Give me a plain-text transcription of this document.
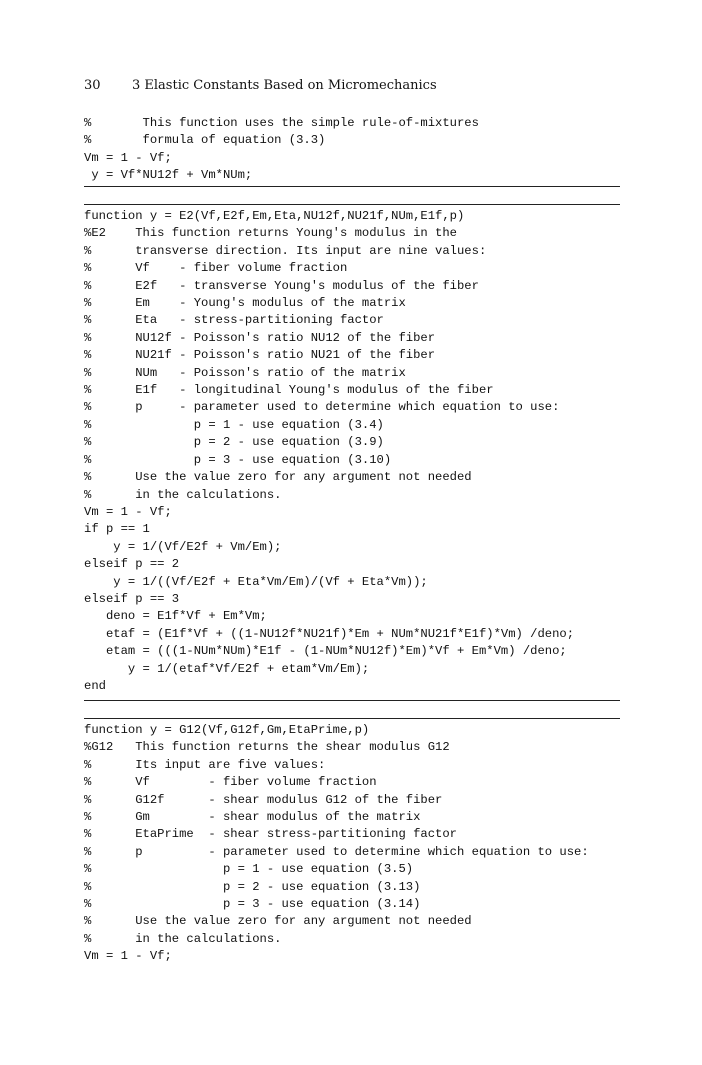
30 3 Elastic Constants Based on Micromechanics
%       This function uses the simple rule-of-mixtures
%       formula of equation (3.3)
Vm = 1 - Vf;
y = Vf*NU12f + Vm*NUm;
function y = E2(Vf,E2f,Em,Eta,NU12f,NU21f,NUm,E1f,p)
%E2    This function returns Young's modulus in the
%      transverse direction. Its input are nine values:
%      Vf    - fiber volume fraction
%      E2f   - transverse Young's modulus of the fiber
%      Em    - Young's modulus of the matrix
%      Eta   - stress-partitioning factor
%      NU12f - Poisson's ratio NU12 of the fiber
%      NU21f - Poisson's ratio NU21 of the fiber
%      NUm   - Poisson's ratio of the matrix
%      E1f   - longitudinal Young's modulus of the fiber
%      p     - parameter used to determine which equation to use:
%              p = 1 - use equation (3.4)
%              p = 2 - use equation (3.9)
%              p = 3 - use equation (3.10)
%      Use the value zero for any argument not needed
%      in the calculations.
Vm = 1 - Vf;
if p == 1
y = 1/(Vf/E2f + Vm/Em);
elseif p == 2
y = 1/((Vf/E2f + Eta*Vm/Em)/(Vf + Eta*Vm));
elseif p == 3
deno = E1f*Vf + Em*Vm;
etaf = (E1f*Vf + ((1-NU12f*NU21f)*Em + NUm*NU21f*E1f)*Vm) /deno;
etam = (((1-NUm*NUm)*E1f - (1-NUm*NU12f)*Em)*Vf + Em*Vm) /deno;
y = 1/(etaf*Vf/E2f + etam*Vm/Em);
end
function y = G12(Vf,G12f,Gm,EtaPrime,p)
%G12   This function returns the shear modulus G12
%      Its input are five values:
%      Vf        - fiber volume fraction
%      G12f      - shear modulus G12 of the fiber
%      Gm        - shear modulus of the matrix
%      EtaPrime  - shear stress-partitioning factor
%      p         - parameter used to determine which equation to use:
%                  p = 1 - use equation (3.5)
%                  p = 2 - use equation (3.13)
%                  p = 3 - use equation (3.14)
%      Use the value zero for any argument not needed
%      in the calculations.
Vm = 1 - Vf;
